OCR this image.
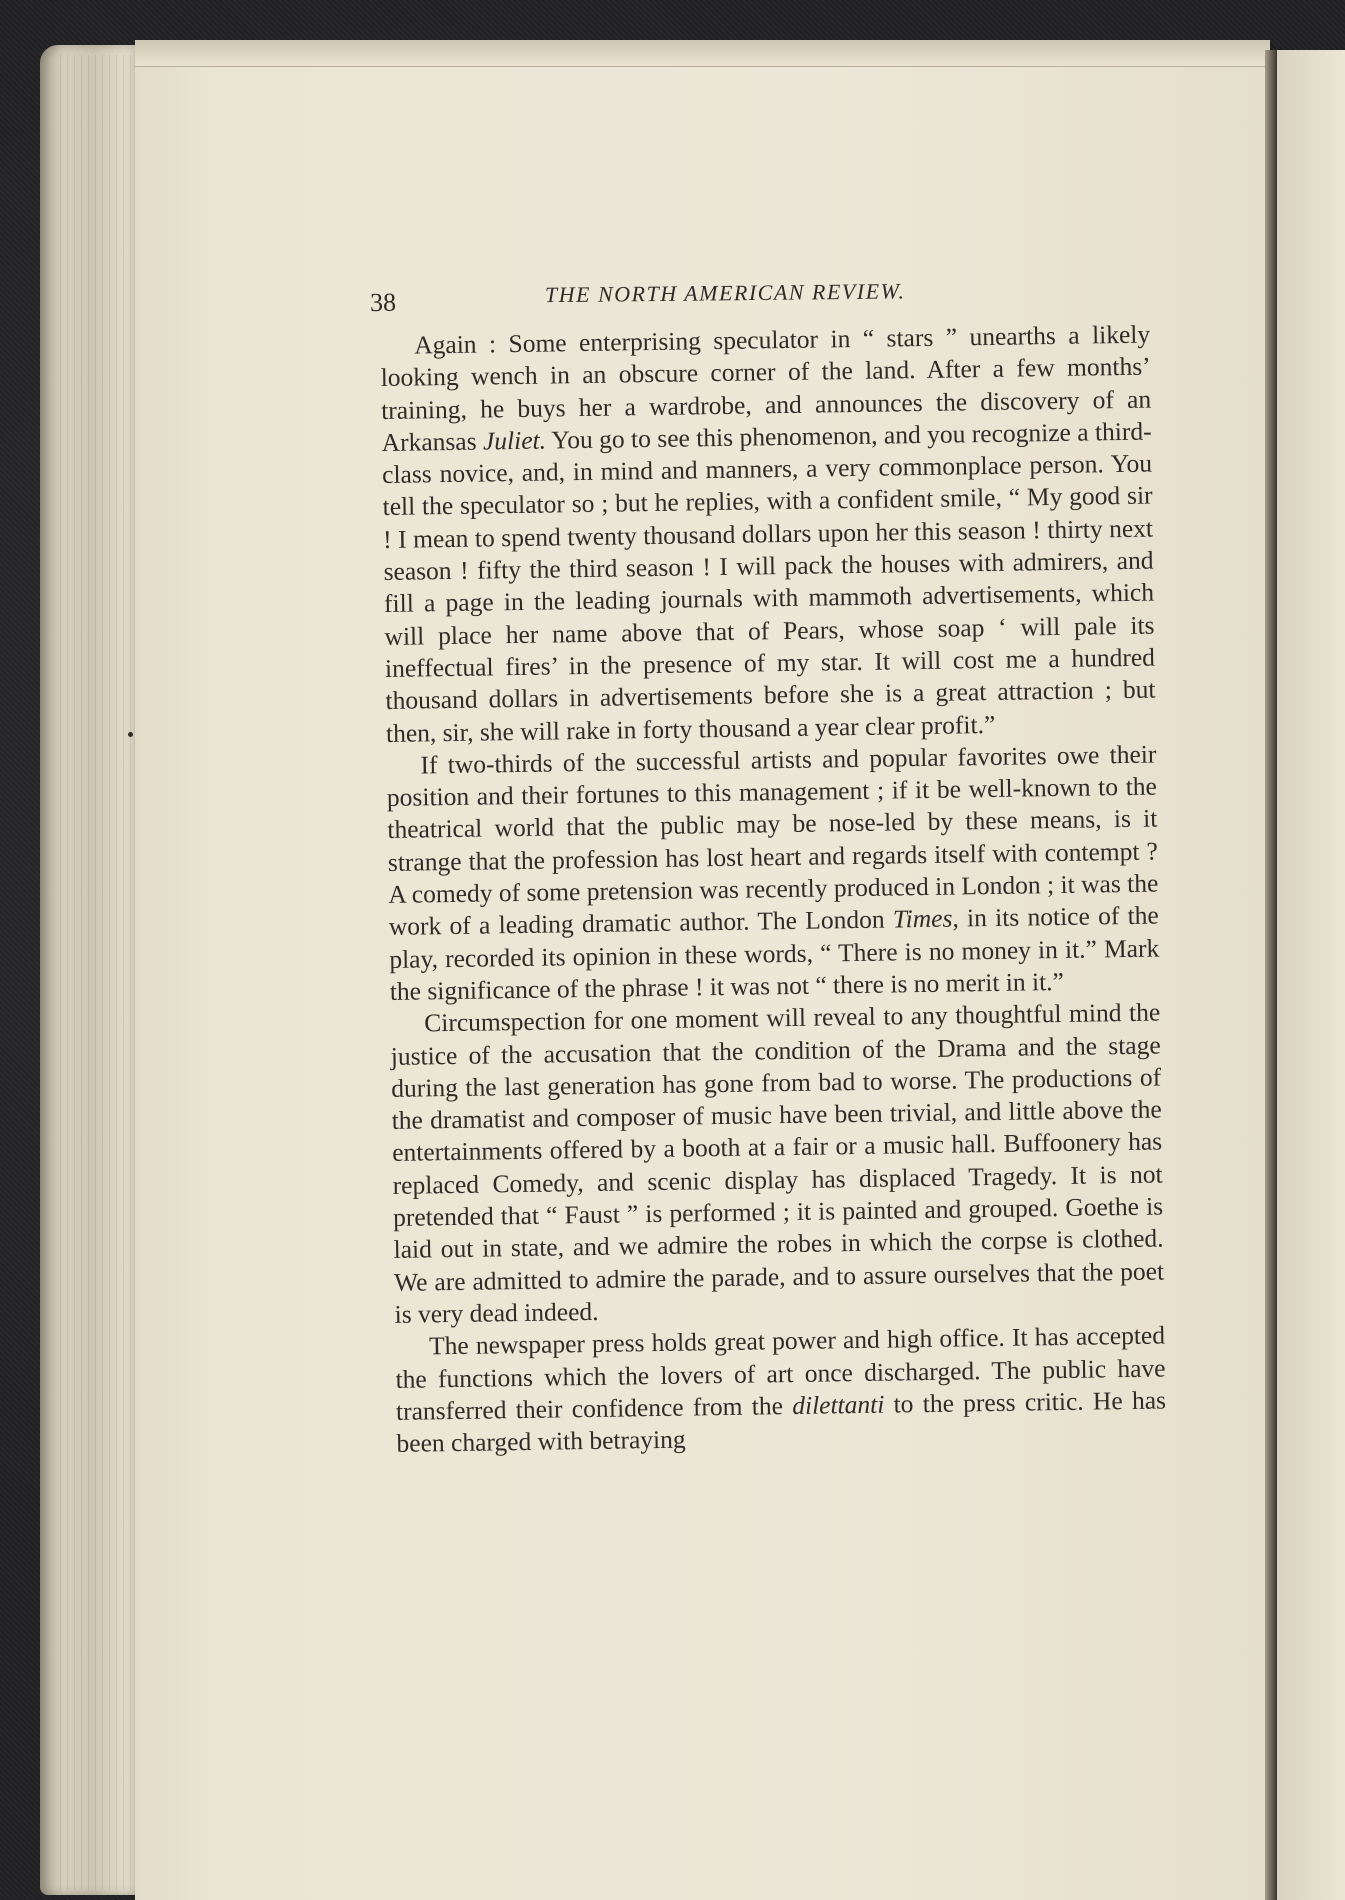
38	THE NORTH AMERICAN REVIEW.

Again : Some enterprising speculator in “ stars ” unearths a likely looking wench in an obscure corner of the land. After a few months’ training, he buys her a wardrobe, and announces the discovery of an Arkansas Juliet. You go to see this phenomenon, and you recognize a third-class novice, and, in mind and manners, a very commonplace person. You tell the speculator so ; but he replies, with a confident smile, “ My good sir ! I mean to spend twenty thousand dollars upon her this season ! thirty next season ! fifty the third season ! I will pack the houses with admirers, and fill a page in the leading journals with mammoth advertisements, which will place her name above that of Pears, whose soap ‘ will pale its ineffectual fires’ in the presence of my star. It will cost me a hundred thousand dollars in advertisements before she is a great attraction ; but then, sir, she will rake in forty thousand a year clear profit.”

If two-thirds of the successful artists and popular favorites owe their position and their fortunes to this management ; if it be well-known to the theatrical world that the public may be nose-led by these means, is it strange that the profession has lost heart and regards itself with contempt ? A comedy of some pretension was recently produced in London ; it was the work of a leading dramatic author. The London Times, in its notice of the play, recorded its opinion in these words, “ There is no money in it.” Mark the significance of the phrase ! it was not “ there is no merit in it.”

Circumspection for one moment will reveal to any thoughtful mind the justice of the accusation that the condition of the Drama and the stage during the last generation has gone from bad to worse. The productions of the dramatist and composer of music have been trivial, and little above the entertainments offered by a booth at a fair or a music hall. Buffoonery has replaced Comedy, and scenic display has displaced Tragedy. It is not pretended that “ Faust ” is performed ; it is painted and grouped. Goethe is laid out in state, and we admire the robes in which the corpse is clothed. We are admitted to admire the parade, and to assure ourselves that the poet is very dead indeed.

The newspaper press holds great power and high office. It has accepted the functions which the lovers of art once discharged. The public have transferred their confidence from the dilettanti to the press critic. He has been charged with betraying
